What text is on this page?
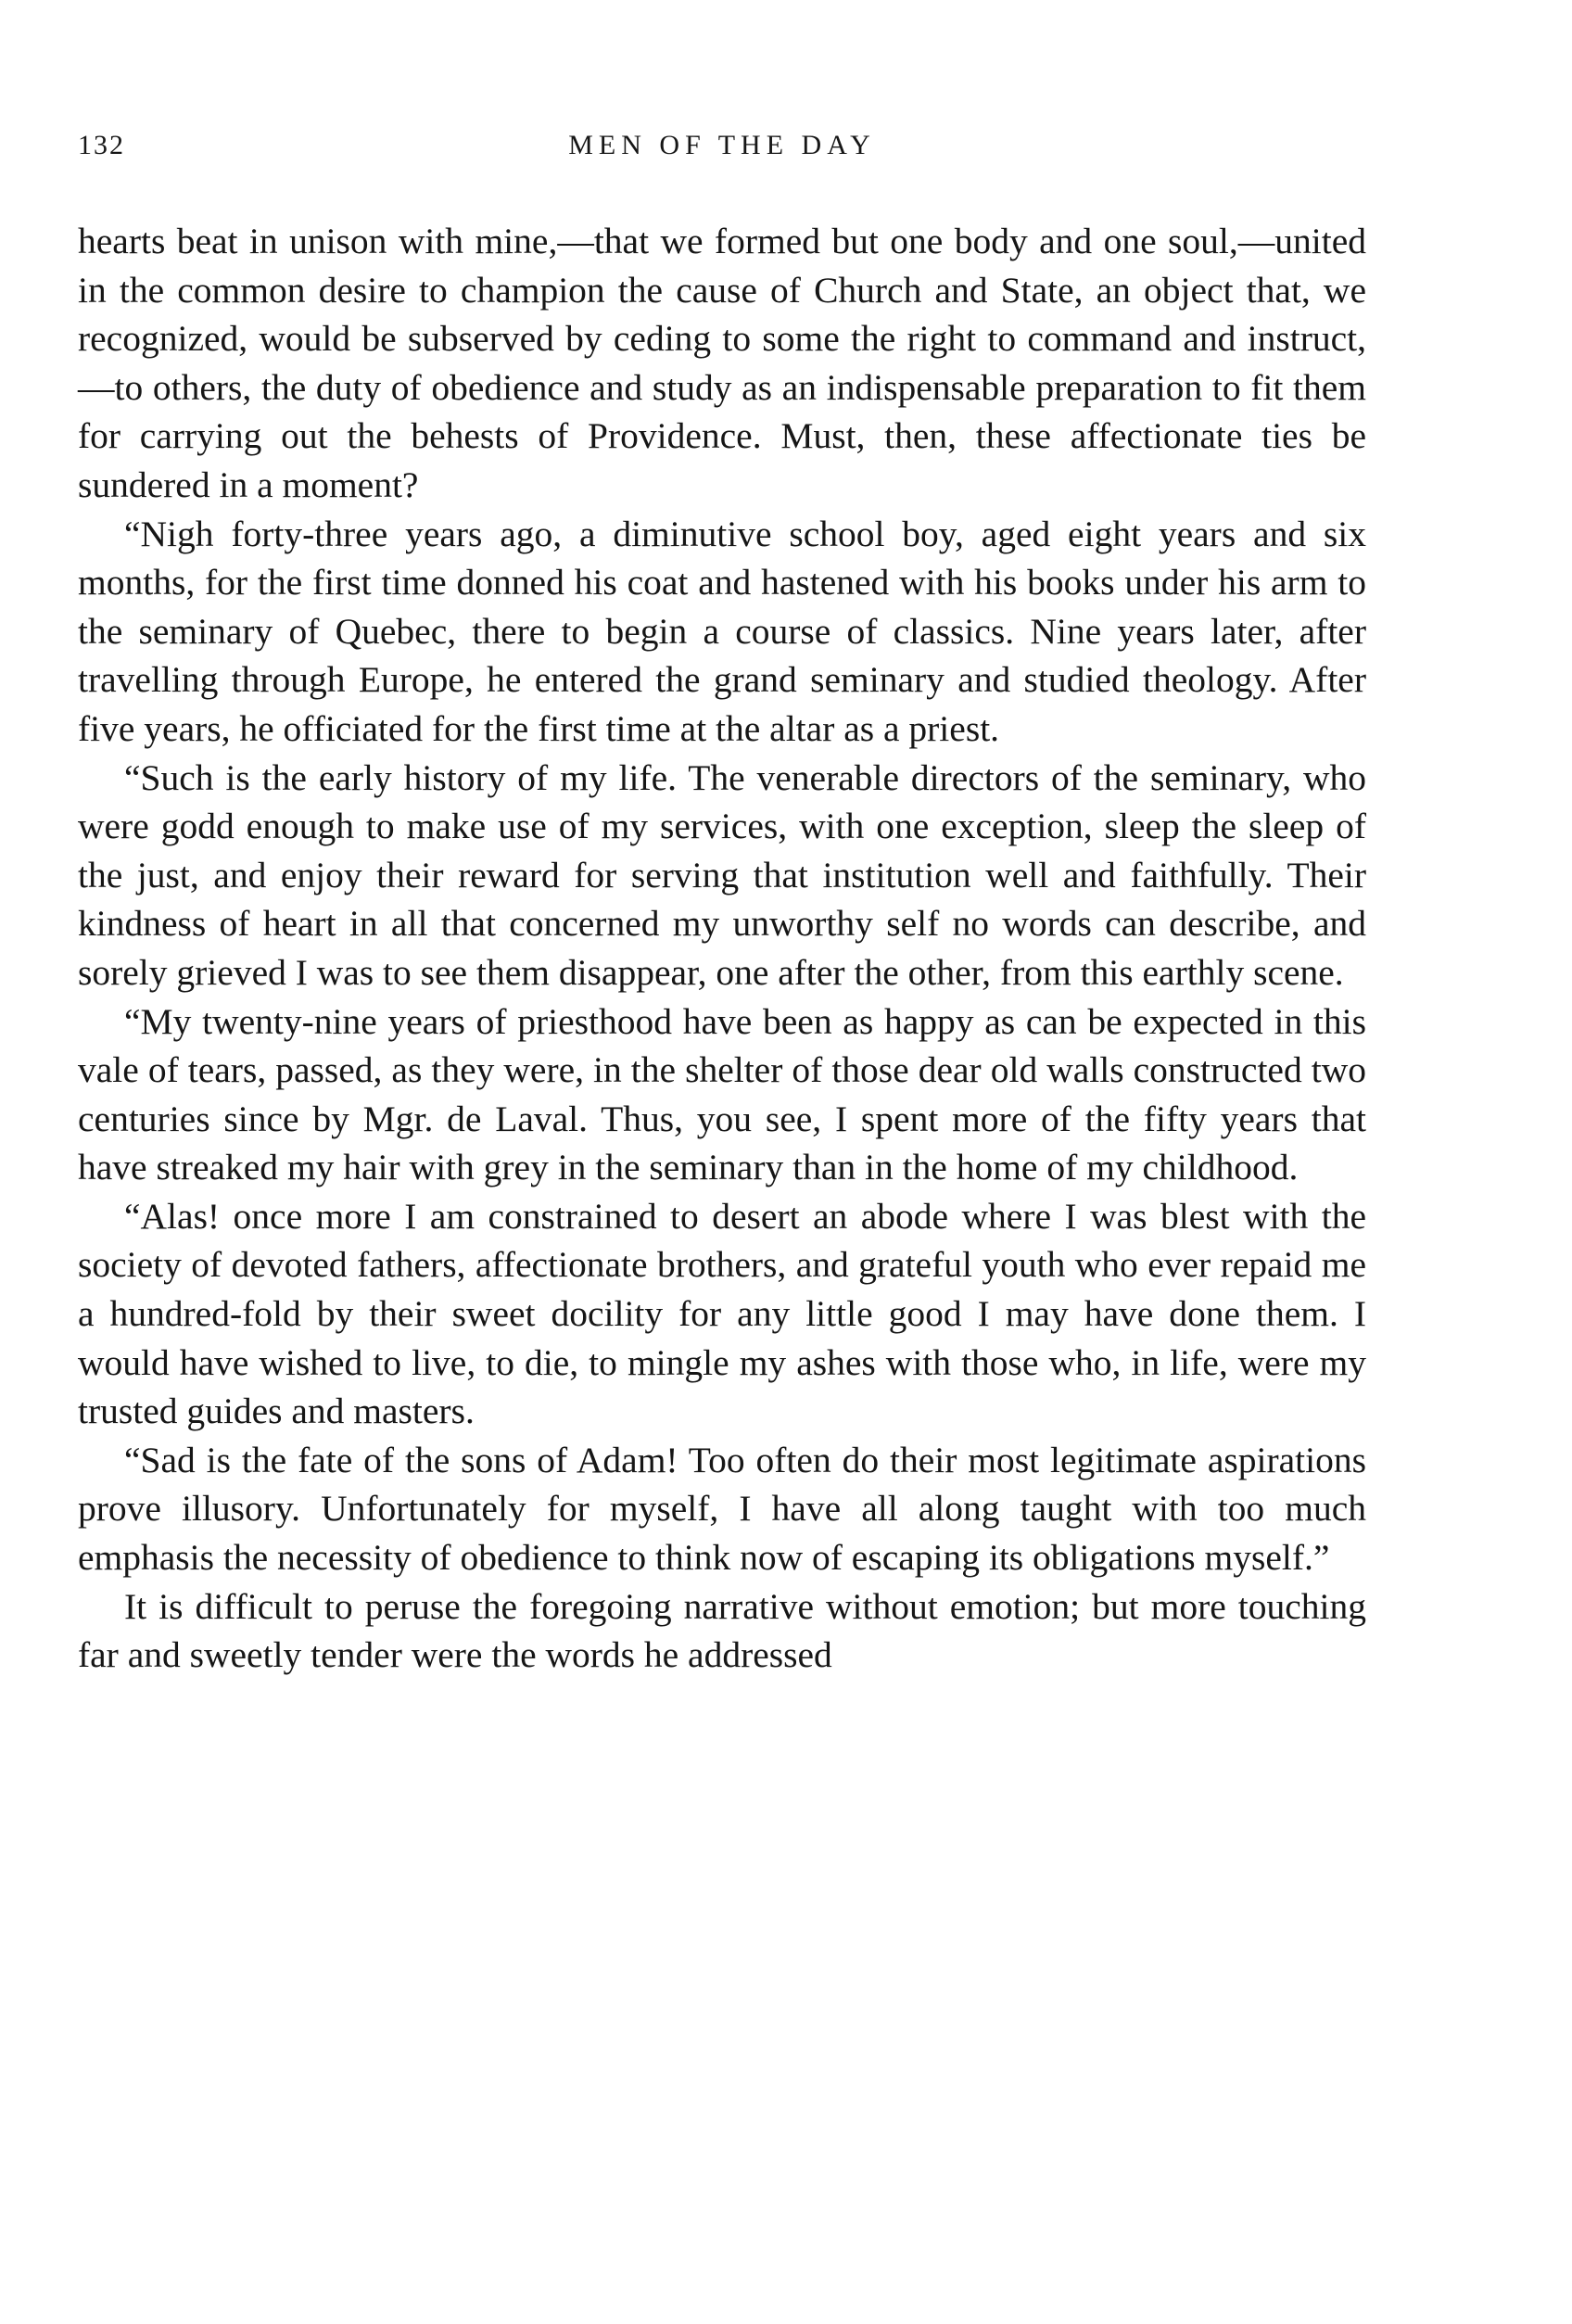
132	MEN OF THE DAY

hearts beat in unison with mine,—that we formed but one body and one soul,—united in the common desire to champion the cause of Church and State, an object that, we recognized, would be subserved by ceding to some the right to command and instruct,—to others, the duty of obedience and study as an indispensable preparation to fit them for carrying out the behests of Providence. Must, then, these affectionate ties be sundered in a moment?

“Nigh forty-three years ago, a diminutive school boy, aged eight years and six months, for the first time donned his coat and hastened with his books under his arm to the seminary of Quebec, there to begin a course of classics. Nine years later, after travelling through Europe, he entered the grand seminary and studied theology. After five years, he officiated for the first time at the altar as a priest.

“Such is the early history of my life. The venerable directors of the seminary, who were godd enough to make use of my services, with one exception, sleep the sleep of the just, and enjoy their reward for serving that institution well and faithfully. Their kindness of heart in all that concerned my unworthy self no words can describe, and sorely grieved I was to see them disappear, one after the other, from this earthly scene.

“My twenty-nine years of priesthood have been as happy as can be expected in this vale of tears, passed, as they were, in the shelter of those dear old walls constructed two centuries since by Mgr. de Laval. Thus, you see, I spent more of the fifty years that have streaked my hair with grey in the seminary than in the home of my childhood.

“Alas! once more I am constrained to desert an abode where I was blest with the society of devoted fathers, affectionate brothers, and grateful youth who ever repaid me a hundred-fold by their sweet docility for any little good I may have done them. I would have wished to live, to die, to mingle my ashes with those who, in life, were my trusted guides and masters.

“Sad is the fate of the sons of Adam! Too often do their most legitimate aspirations prove illusory. Unfortunately for myself, I have all along taught with too much emphasis the necessity of obedience to think now of escaping its obligations myself.”

It is difficult to peruse the foregoing narrative without emotion; but more touching far and sweetly tender were the words he addressed
